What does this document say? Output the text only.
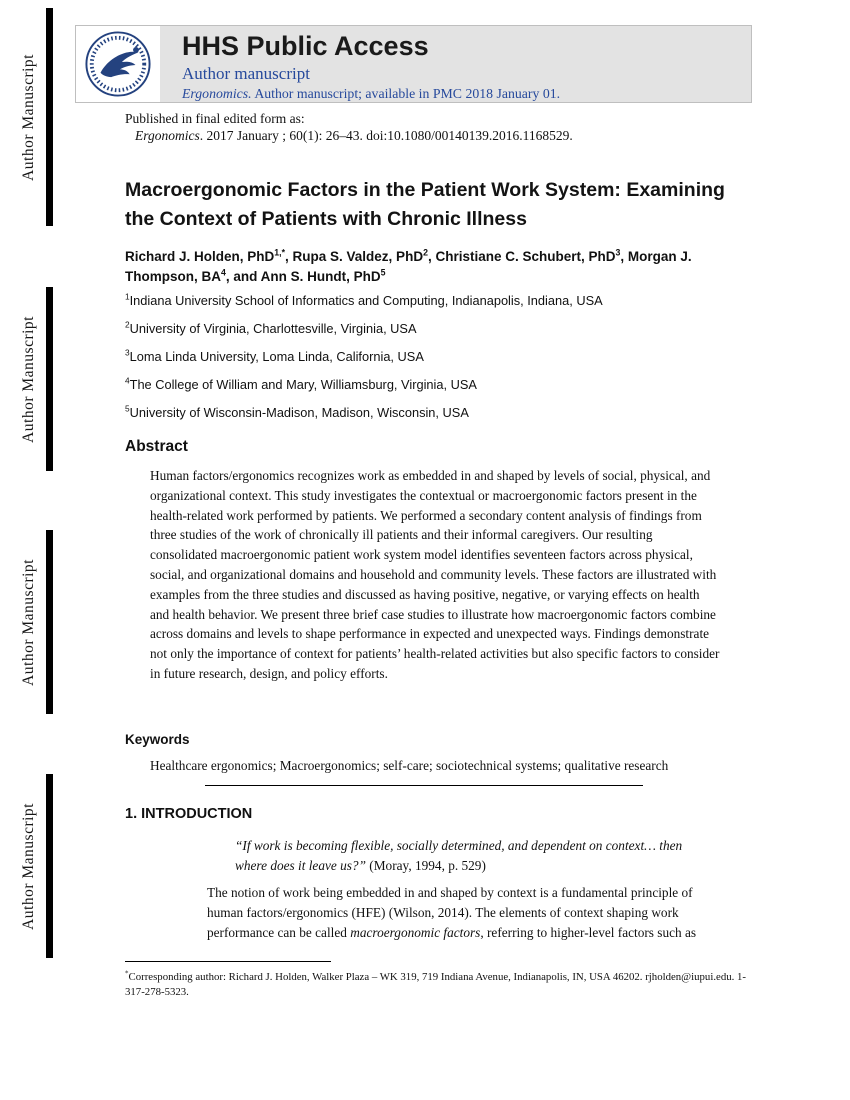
Author Manuscript
Author Manuscript
Author Manuscript
Author Manuscript
HHS Public Access
Author manuscript
Ergonomics. Author manuscript; available in PMC 2018 January 01.
Published in final edited form as:
Ergonomics. 2017 January ; 60(1): 26–43. doi:10.1080/00140139.2016.1168529.
Macroergonomic Factors in the Patient Work System: Examining the Context of Patients with Chronic Illness

Richard J. Holden, PhD$^{1,*}$, Rupa S. Valdez, PhD$^2$, Christiane C. Schubert, PhD$^3$, Morgan J. Thompson, $BA^4$, and Ann S. Hundt, PhD$^5$

$^1$Indiana University School of Informatics and Computing, Indianapolis, Indiana, USA
$^2$University of Virginia, Charlottesville, Virginia, USA
$^3$Loma Linda University, Loma Linda, California, USA
$^4$The College of William and Mary, Williamsburg, Virginia, USA
$^5$University of Wisconsin-Madison, Madison, Wisconsin, USA
Abstract

Human factors/ergonomics recognizes work as embedded in and shaped by levels of social, physical, and organizational context. This study investigates the contextual or macroergonomic factors present in the health-related work performed by patients. We performed a secondary content analysis of findings from three studies of the work of chronically ill patients and their informal caregivers. Our resulting consolidated macroergonomic patient work system model identifies seventeen factors across physical, social, and organizational domains and household and community levels. These factors are illustrated with examples from the three studies and discussed as having positive, negative, or varying effects on health and health behavior. We present three brief case studies to illustrate how macroergonomic factors combine across domains and levels to shape performance in expected and unexpected ways. Findings demonstrate not only the importance of context for patients’ health-related activities but also specific factors to consider in future research, design, and policy efforts.

Keywords

Healthcare ergonomics; Macroergonomics; self-care; sociotechnical systems; qualitative research

1. INTRODUCTION

“If work is becoming flexible, socially determined, and dependent on context… then where does it leave us?” (Moray, 1994, p. 529)

The notion of work being embedded in and shaped by context is a fundamental principle of human factors/ergonomics (HFE) (Wilson, 2014). The elements of context shaping work performance can be called macroergonomic factors, referring to higher-level factors such as

*Corresponding author: Richard J. Holden, Walker Plaza – WK 319, 719 Indiana Avenue, Indianapolis, IN, USA 46202. rjholden@iupui.edu. 1-317-278-5323.
